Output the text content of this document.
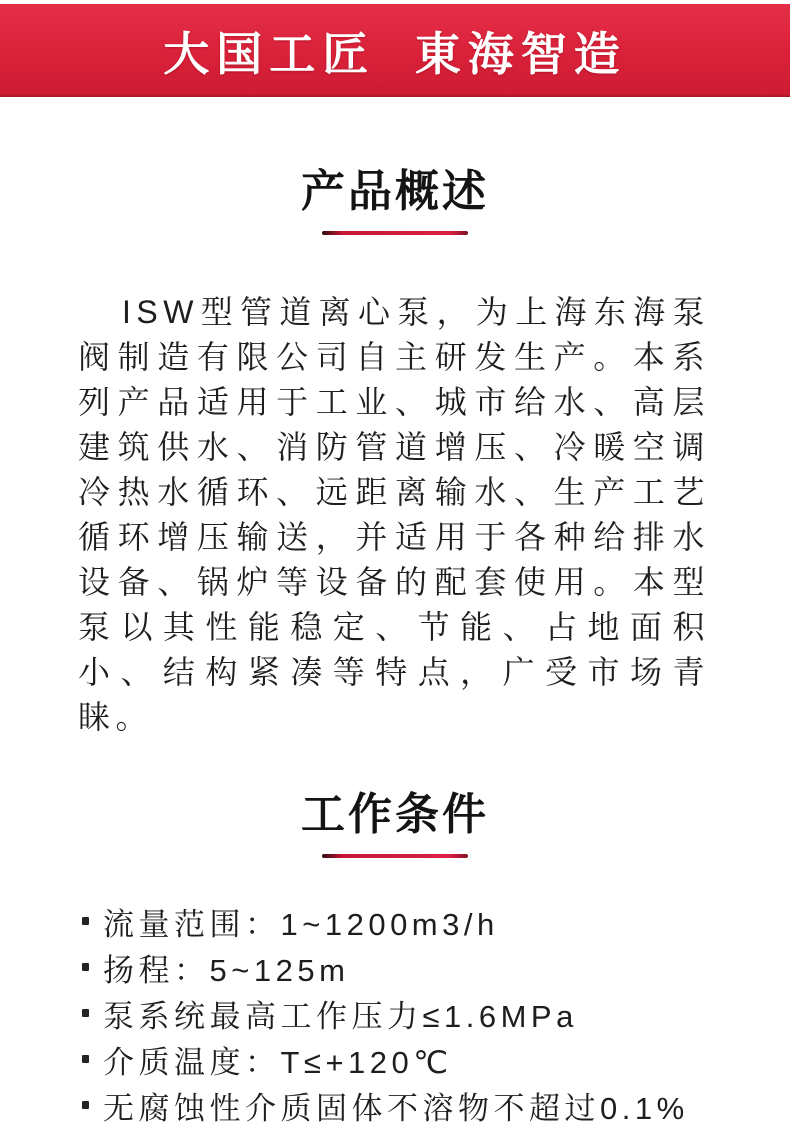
大国工匠  東海智造
产品概述

ISW型管道离心泵，为上海东海泵阀制造有限公司自主研发生产。本系列产品适用于工业、城市给水、高层建筑供水、消防管道增压、冷暖空调冷热水循环、远距离输水、生产工艺循环增压输送，并适用于各种给排水设备、锅炉等设备的配套使用。本型泵以其性能稳定、节能、占地面积小、结构紧凑等特点，广受市场青睐。

工作条件
流量范围：1~1200m3/h
扬程：5~125m
泵系统最高工作压力≤1.6MPa
介质温度：T≤+120℃
无腐蚀性介质固体不溶物不超过0.1%
